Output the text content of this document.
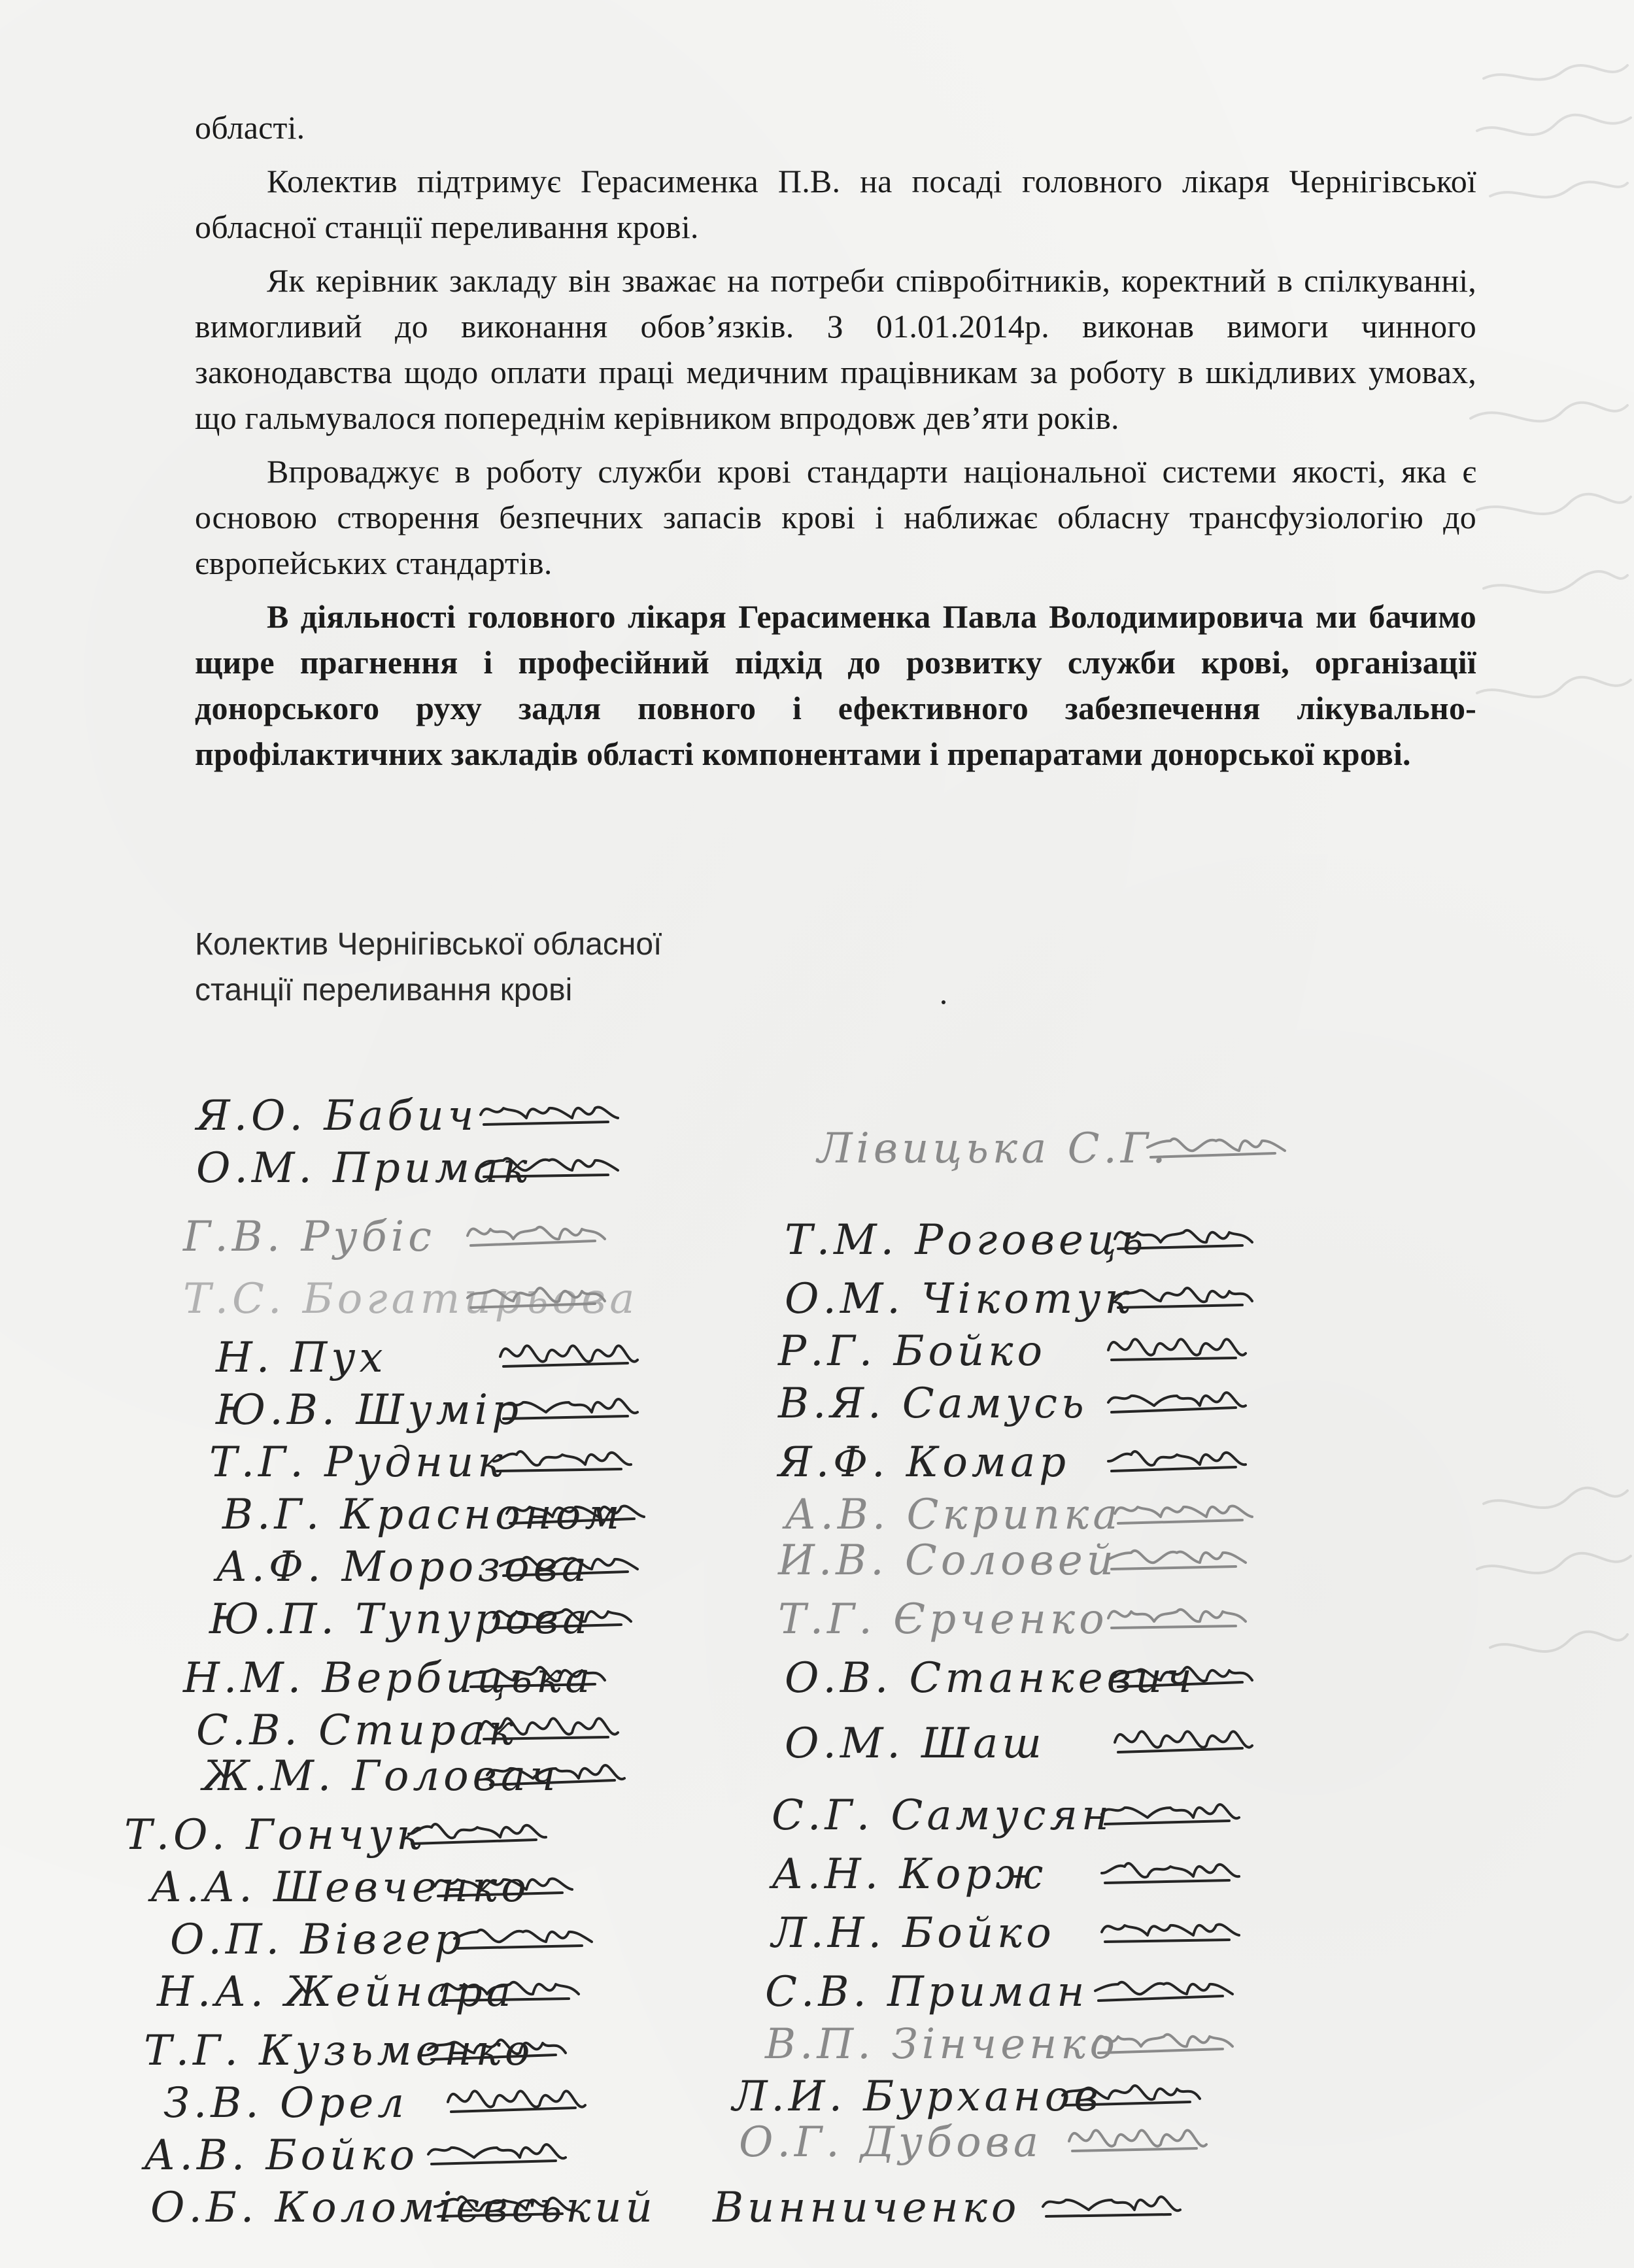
області.

Колектив підтримує Герасименка П.В. на посаді головного лікаря Чернігівської обласної станції переливання крові.

Як керівник закладу він зважає на потреби співробітників, коректний в спілкуванні, вимогливий до виконання обов’язків. З 01.01.2014р. виконав вимоги чинного законодавства щодо оплати праці медичним працівникам за роботу в шкідливих умовах, що гальмувалося попереднім керівником впродовж дев’яти років.

Впроваджує в роботу служби крові стандарти національної системи якості, яка є основою створення безпечних запасів крові і наближає обласну трансфузіологію до європейських стандартів.

В діяльності головного лікаря Герасименка Павла Володимировича ми бачимо щире прагнення і професійний підхід до розвитку служби крові, організації донорського руху задля повного і ефективного забезпечення лікувально-профілактичних закладів області компонентами і препаратами донорської крові.

Колектив Чернігівської обласної
станції переливання крові
Я.О. Бабич
О.М. Примак
Г.В. Рубіс
Т.С. Богатирьова
Н. Пух
Ю.В. Шумір
Т.Г. Рудник
В.Г. Красноном
А.Ф. Морозова
Ю.П. Тупурова
Н.М. Вербицька
С.В. Стирак
Ж.М. Головач
Т.О. Гончук
А.А. Шевченко
О.П. Вівгер
Н.А. Жейнара
Т.Г. Кузьменко
З.В. Орел
А.В. Бойко
О.Б. Коломієвський
Лівицька С.Г.
Т.М. Роговець
О.М. Чікотук
Р.Г. Бойко
В.Я. Самусь
Я.Ф. Комар
А.В. Скрипка
И.В. Соловей
Т.Г. Єрченко
О.В. Станкевич
О.М. Шаш
С.Г. Самусян
А.Н. Корж
Л.Н. Бойко
С.В. Приман
В.П. Зінченко
Л.И. Бурханов
О.Г. Дубова
Винниченко
